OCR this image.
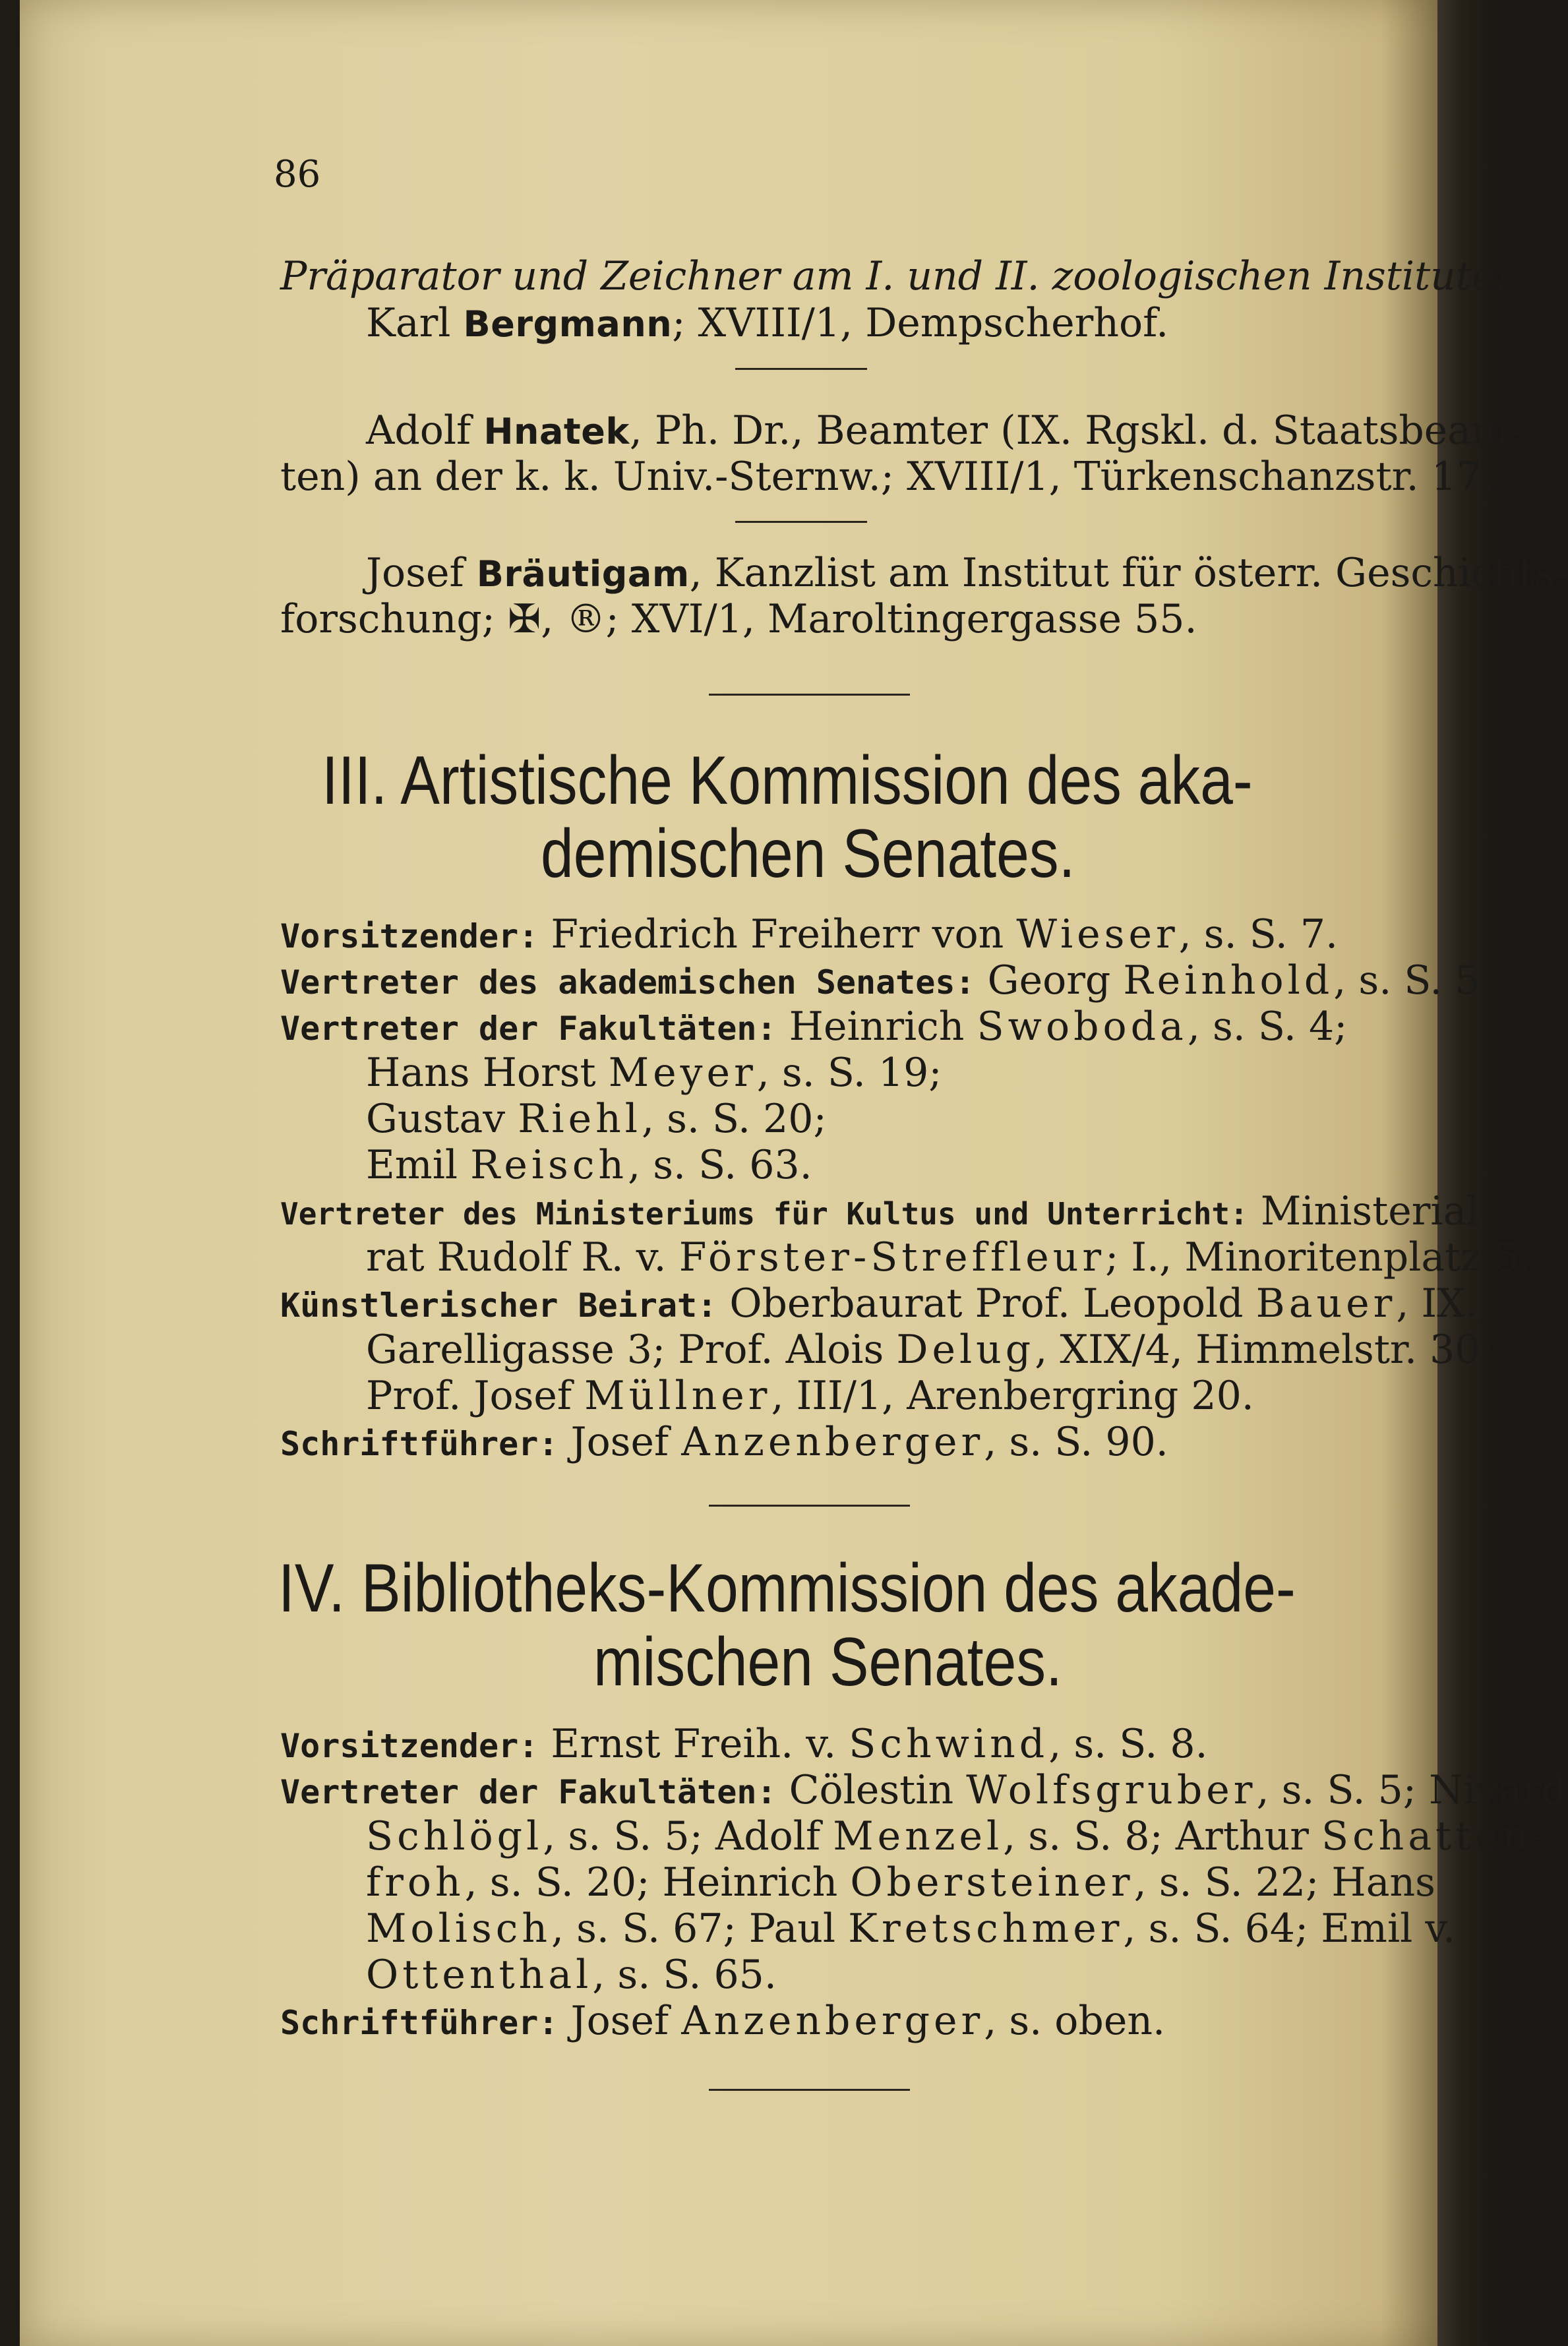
86
Präparator und Zeichner am I. und II. zoologischen Institute:
Karl Bergmann; XVIII/1, Dempscherhof.
Adolf Hnatek, Ph. Dr., Beamter (IX. Rgskl. d. Staatsbeam-
ten) an der k. k. Univ.-Sternw.; XVIII/1, Türkenschanzstr. 17.
Josef Bräutigam, Kanzlist am Institut für österr. Geschichts-
forschung; ✠, ®; XVI/1, Maroltingergasse 55.
III. Artistische Kommission des aka-
demischen Senates.
Vorsitzender: Friedrich Freiherr von Wieser, s. S. 7.
Vertreter des akademischen Senates: Georg Reinhold, s. S. 5.
Vertreter der Fakultäten: Heinrich Swoboda, s. S. 4;
Hans Horst Meyer, s. S. 19;
Gustav Riehl, s. S. 20;
Emil Reisch, s. S. 63.
Vertreter des Ministeriums für Kultus und Unterricht: Ministerial-
rat Rudolf R. v. Förster-Streffleur; I., Minoritenplatz 5.
Künstlerischer Beirat: Oberbaurat Prof. Leopold Bauer, IX.,
Garelligasse 3; Prof. Alois Delug, XIX/4, Himmelstr. 30;
Prof. Josef Müllner, III/1, Arenbergring 20.
Schriftführer: Josef Anzenberger, s. S. 90.
IV. Bibliotheks-Kommission des akade-
mischen Senates.
Vorsitzender: Ernst Freih. v. Schwind, s. S. 8.
Vertreter der Fakultäten: Cölestin Wolfsgruber, s. S. 5; Nivard
Schlögl, s. S. 5; Adolf Menzel, s. S. 8; Arthur Schatten-
froh, s. S. 20; Heinrich Obersteiner, s. S. 22; Hans
Molisch, s. S. 67; Paul Kretschmer, s. S. 64; Emil v.
Ottenthal, s. S. 65.
Schriftführer: Josef Anzenberger, s. oben.
